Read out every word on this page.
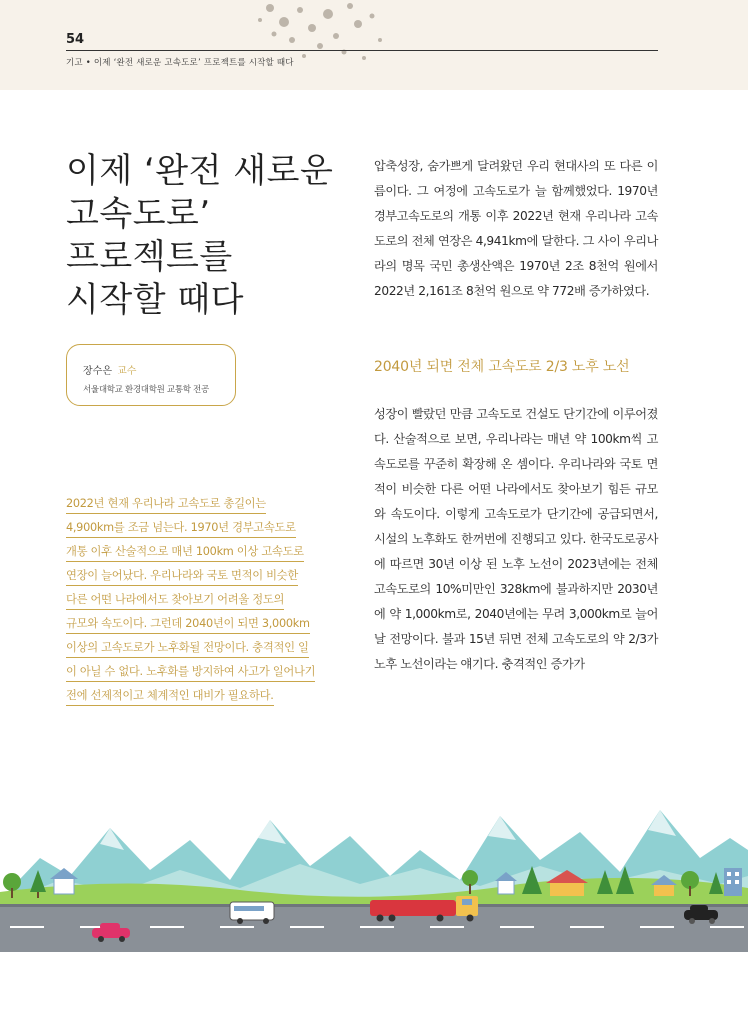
54
기고 • 이제 ‘완전 새로운 고속도로’ 프로젝트를 시작할 때다
이제 ‘완전 새로운
고속도로’
프로젝트를
시작할 때다
장수은 교수
서울대학교 환경대학원 교통학 전공

2022년 현재 우리나라 고속도로 총길이는

4,900km를 조금 넘는다. 1970년 경부고속도로

개통 이후 산술적으로 매년 100km 이상 고속도로

연장이 늘어났다. 우리나라와 국토 면적이 비슷한

다른 어떤 나라에서도 찾아보기 어려울 정도의

규모와 속도이다. 그런데 2040년이 되면 3,000km

이상의 고속도로가 노후화될 전망이다. 충격적인 일

이 아닐 수 없다. 노후화를 방지하여 사고가 일어나기

전에 선제적이고 체계적인 대비가 필요하다.

압축성장, 숨가쁘게 달려왔던 우리 현대사의 또 다른 이름이다. 그 여정에 고속도로가 늘 함께했었다. 1970년 경부고속도로의 개통 이후 2022년 현재 우리나라 고속도로의 전체 연장은 4,941km에 달한다. 그 사이 우리나라의 명목 국민 총생산액은 1970년 2조 8천억 원에서 2022년 2,161조 8천억 원으로 약 772배 증가하였다.

2040년 되면 전체 고속도로 2/3 노후 노선

성장이 빨랐던 만큼 고속도로 건설도 단기간에 이루어졌다. 산술적으로 보면, 우리나라는 매년 약 100km씩 고속도로를 꾸준히 확장해 온 셈이다. 우리나라와 국토 면적이 비슷한 다른 어떤 나라에서도 찾아보기 힘든 규모와 속도이다. 이렇게 고속도로가 단기간에 공급되면서, 시설의 노후화도 한꺼번에 진행되고 있다. 한국도로공사에 따르면 30년 이상 된 노후 노선이 2023년에는 전체 고속도로의 10%미만인 328km에 불과하지만 2030년에 약 1,000km로, 2040년에는 무려 3,000km로 늘어날 전망이다. 불과 15년 뒤면 전체 고속도로의 약 2/3가 노후 노선이라는 얘기다. 충격적인 증가가
